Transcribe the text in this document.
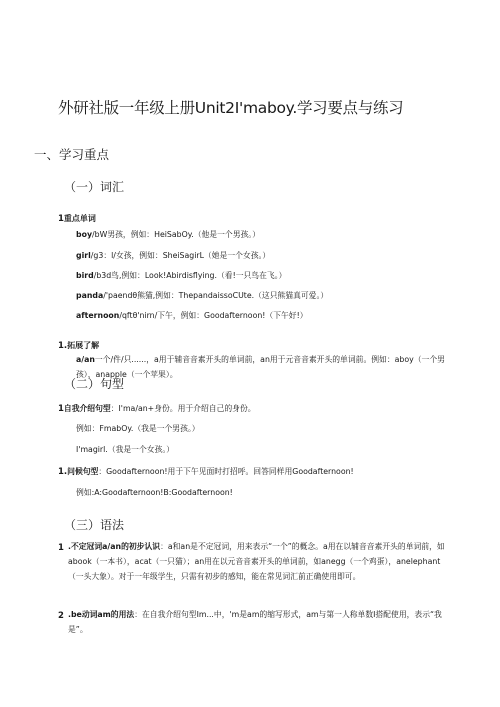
外研社版一年级上册Unit2I'maboy.学习要点与练习
一、学习重点
（一）词汇
1重点单词
boy/bW男孩，例如：HeiSabOy.（他是一个男孩。）
girl/g3：l/女孩，例如：SheiSagirL（她是一个女孩。）
bird/b3d鸟,例如：Look!Abirdisflying.（看!一只鸟在飞。）
panda/'paendθ熊猫,例如：ThepandaissoCUte.（这只熊猫真可爱。）
afternoon/qftθ'nirn/下午，例如：Goodafternoon!（下午好!）
1.拓展了解
a/an一个/件/只......，a用于辅音音素开头的单词前，an用于元音音素开头的单词前。例如：aboy（一个男孩），anapple（一个苹果）。
（二）句型
1自我介绍句型：I'ma/an+身份。用于介绍自己的身份。
例如：FmabOy.（我是一个男孩。）
I'magirl.（我是一个女孩。）
1.问候句型：Goodafternoon!用于下午见面时打招呼。回答同样用Goodafternoon!
例如:A:Goodafternoon!B:Goodafternoon!
（三）语法
1 .不定冠词a/an的初步认识：a和an是不定冠词，用来表示“一个”的概念。a用在以辅音音素开头的单词前，如abook（一本书），acat（一只猫）；an用在以元音音素开头的单词前，如anegg（一个鸡蛋），anelephant（一头大象）。对于一年级学生，只需有初步的感知，能在常见词汇前正确使用即可。
2 .be动词am的用法：在自我介绍句型Im...中，'m是am的缩写形式，am与第一人称单数I搭配使用，表示“我是”。
